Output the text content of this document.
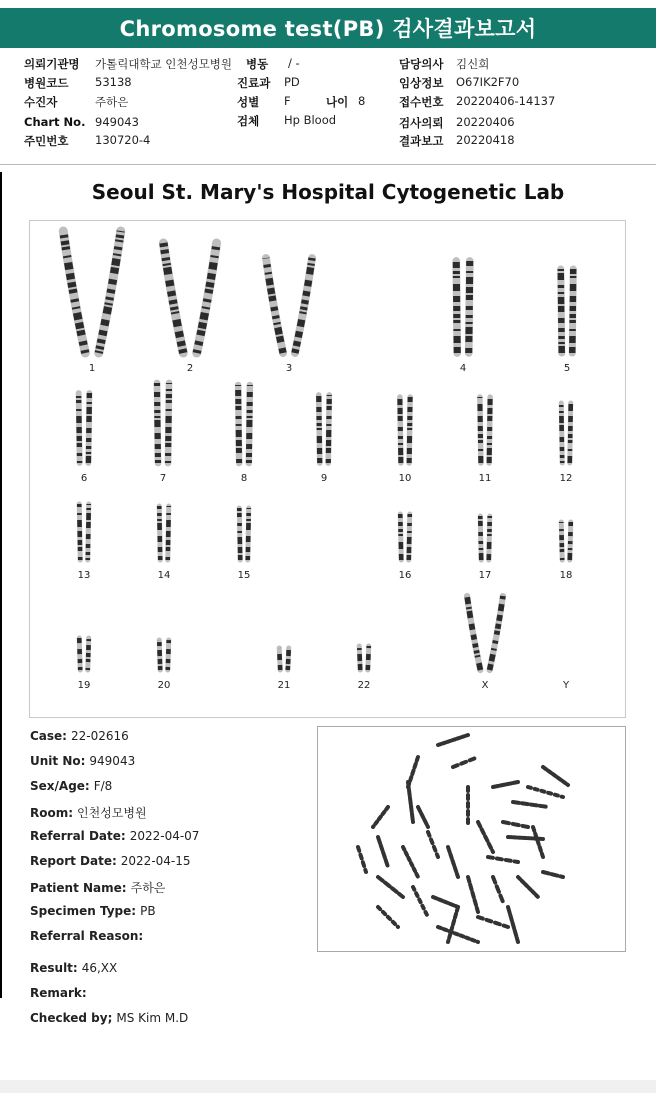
Chromosome test(PB) 검사결과보고서
의뢰기관명 가톨릭대학교 인천성모병원 병동 / -	담당의사 김신희
병원코드 53138	진료과 PD	임상정보 O67IK2F70
수진자	주하은	성별 F	나이 8	접수번호 20220406-14137
Chart No. 949043	검체 Hp Blood	검사의뢰 20220406
주민번호 130720-4	결과보고 20220418
Seoul St. Mary's Hospital Cytogenetic Lab
1	2	3	4	5
6	7	8	9	10	11	12
13	14	15	16	17	18
19	20	21	22	X	Y
Case: 22-02616
Unit No: 949043
Sex/Age: F/8
Room: 인천성모병원
Referral Date: 2022-04-07
Report Date: 2022-04-15
Patient Name: 주하은
Specimen Type: PB
Referral Reason:
Result: 46,XX
Remark:
Checked by; MS Kim M.D
